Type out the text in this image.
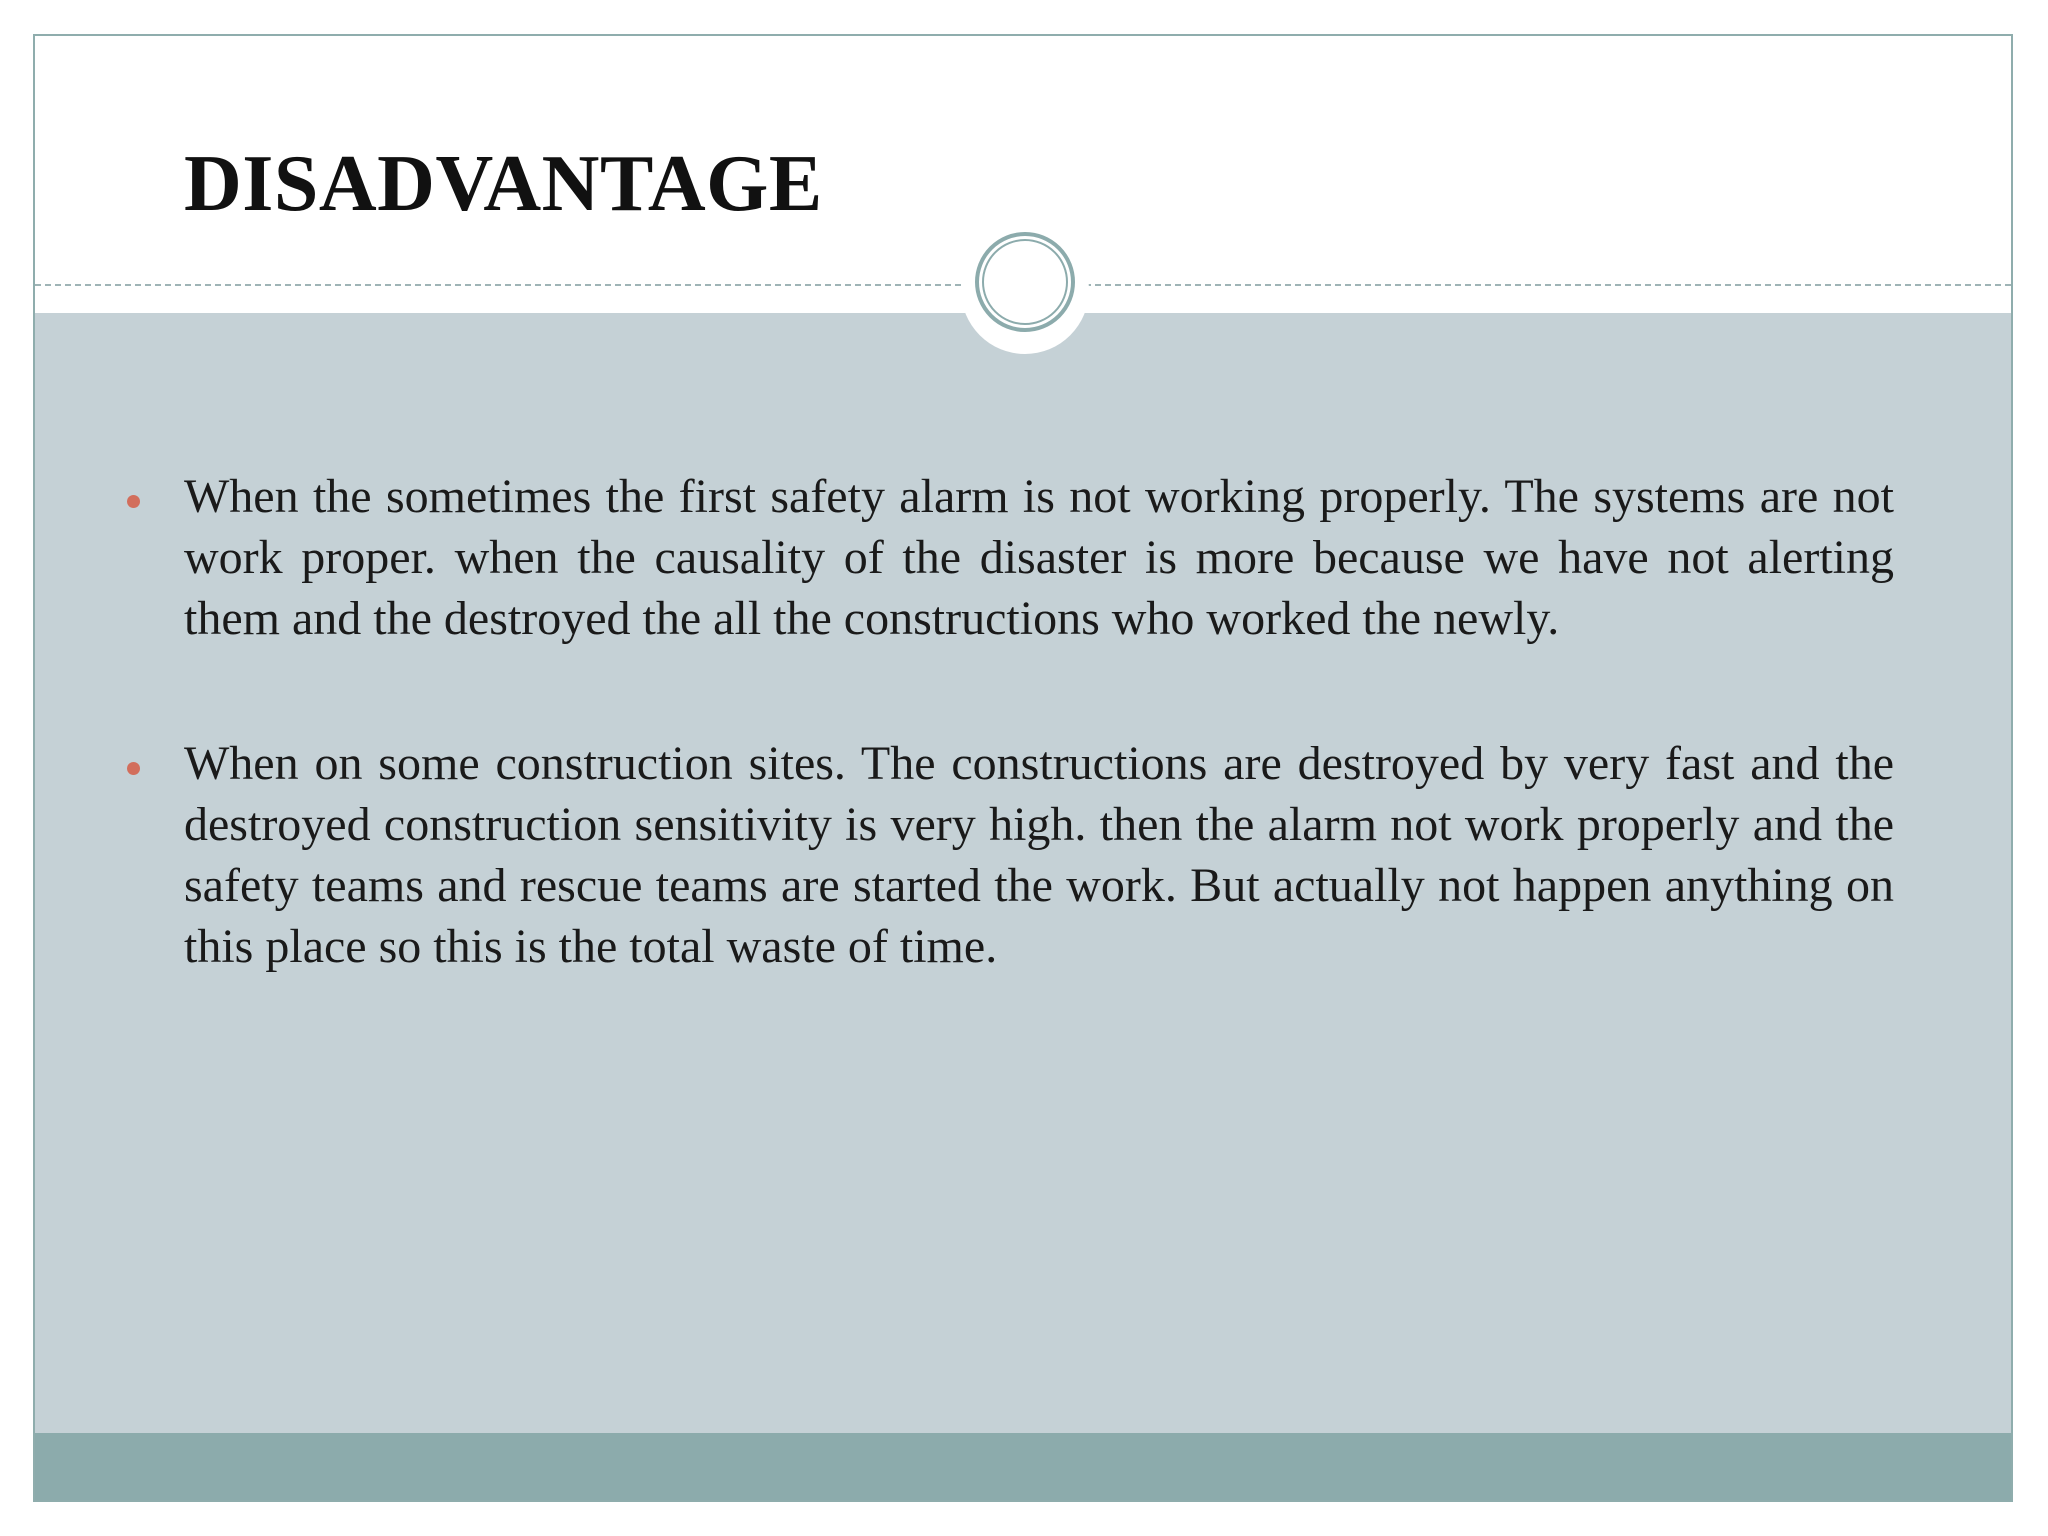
DISADVANTAGE
When the sometimes the first safety alarm is not working properly. The systems are not work proper. when the causality of the disaster is more because we have not alerting them and the destroyed the all the constructions who worked the newly.
When on some construction sites. The constructions are destroyed by very fast and the destroyed construction sensitivity is very high. then the alarm not work properly and the safety teams and rescue teams are started the work. But actually not happen anything on this place so this is the total waste of time.
